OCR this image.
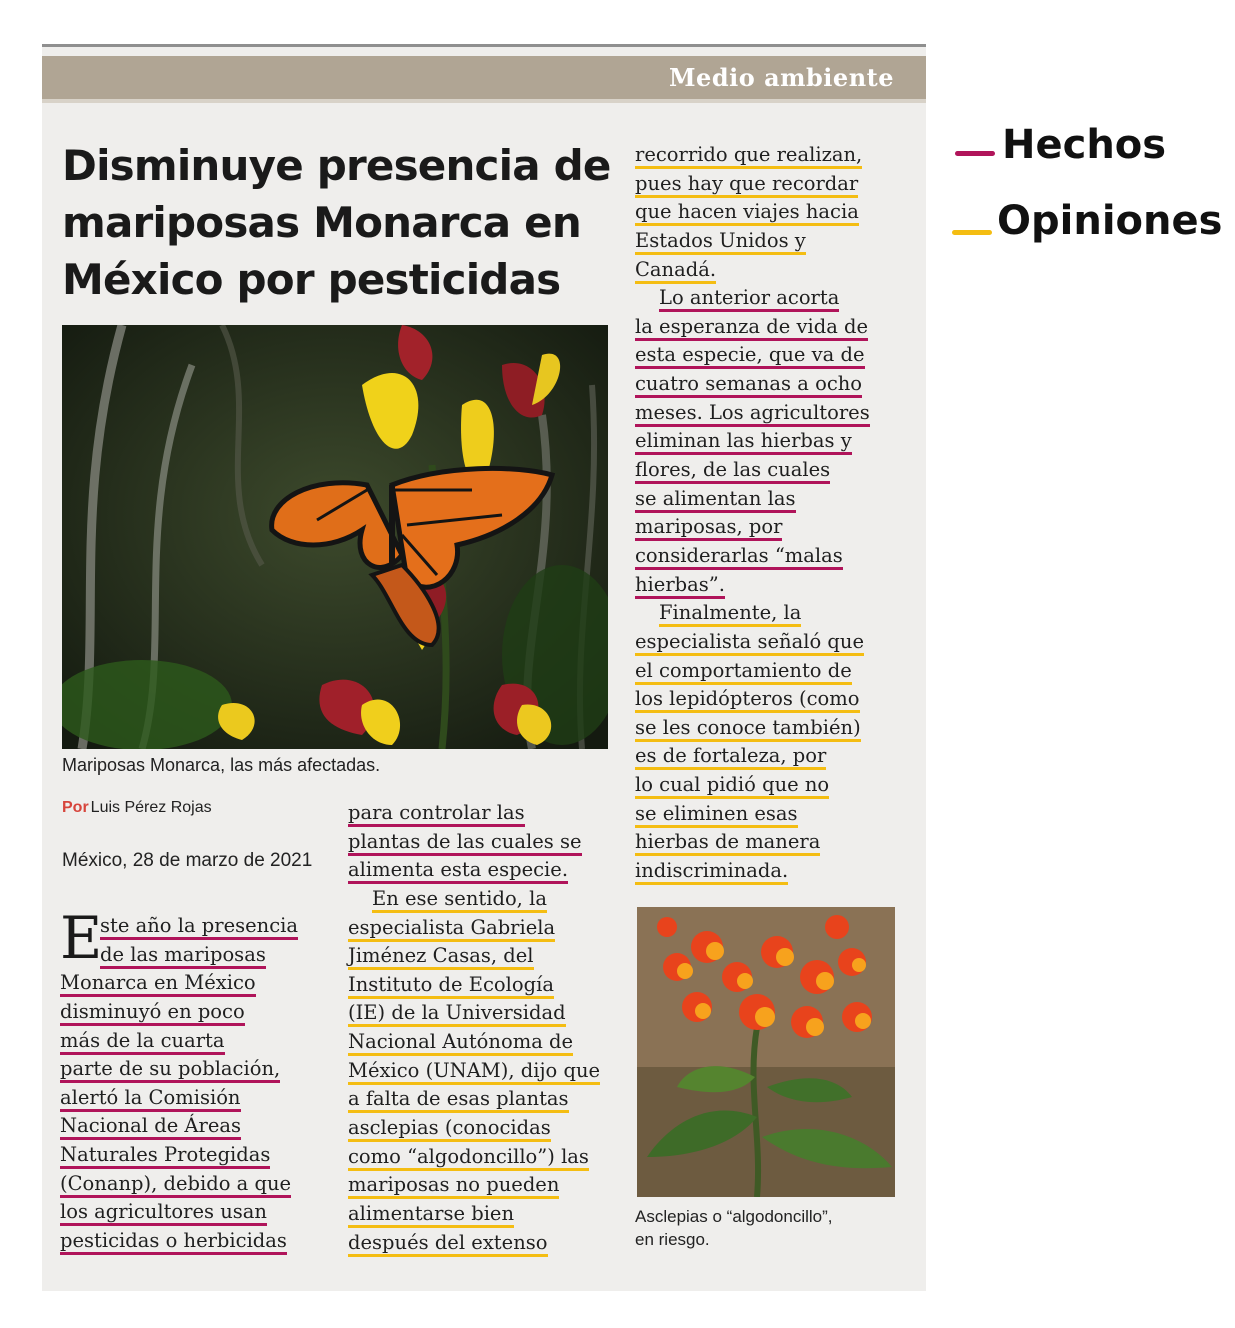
Medio ambiente
Disminuye presencia de mariposas Monarca en México por pesticidas
Mariposas Monarca, las más afectadas.
Por Luis Pérez Rojas
México, 28 de marzo de 2021
E
ste año la presencia
de las mariposas
Monarca en México
disminuyó en poco
más de la cuarta
parte de su población,
alertó la Comisión
Nacional de Áreas
Naturales Protegidas
(Conanp), debido a que
los agricultores usan
pesticidas o herbicidas
para controlar las
plantas de las cuales se
alimenta esta especie.
En ese sentido, la
especialista Gabriela
Jiménez Casas, del
Instituto de Ecología
(IE) de la Universidad
Nacional Autónoma de
México (UNAM), dijo que
a falta de esas plantas
asclepias (conocidas
como “algodoncillo”) las
mariposas no pueden
alimentarse bien
después del extenso
recorrido que realizan,
pues hay que recordar
que hacen viajes hacia
Estados Unidos y
Canadá.
Lo anterior acorta
la esperanza de vida de
esta especie, que va de
cuatro semanas a ocho
meses. Los agricultores
eliminan las hierbas y
flores, de las cuales
se alimentan las
mariposas, por
considerarlas “malas
hierbas”.
Finalmente, la
especialista señaló que
el comportamiento de
los lepidópteros (como
se les conoce también)
es de fortaleza, por
lo cual pidió que no
se eliminen esas
hierbas de manera
indiscriminada.
Asclepias o “algodoncillo”,
en riesgo.
Hechos
Opiniones
